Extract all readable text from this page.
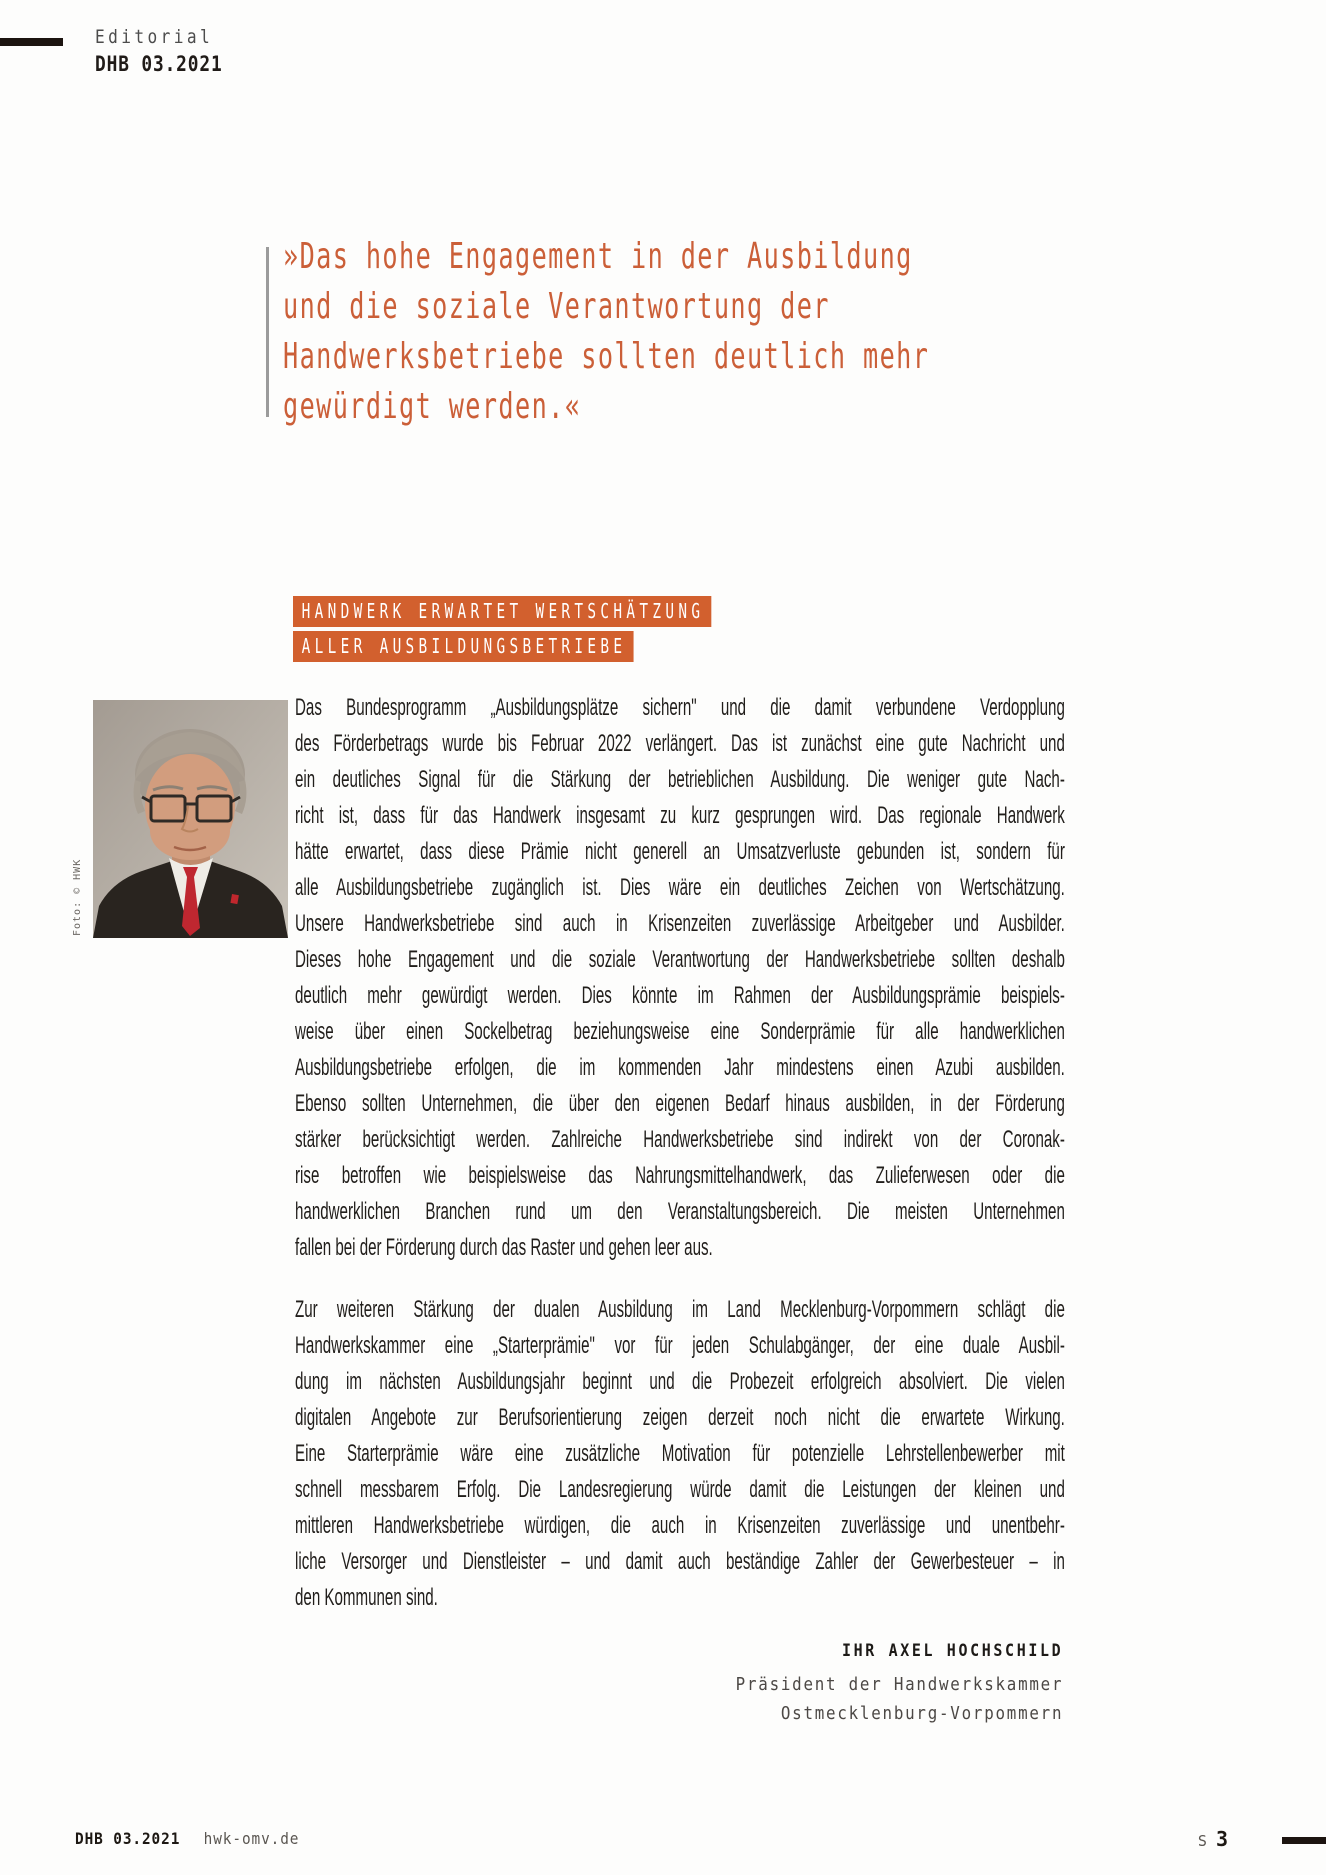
Editorial
DHB 03.2021
»Das hohe Engagement in der Ausbildung
und die soziale Verantwortung der
Handwerksbetriebe sollten deutlich mehr
gewürdigt werden.«
HANDWERK ERWARTET WERTSCHÄTZUNG
ALLER AUSBILDUNGSBETRIEBE
Foto: © HWK
Das Bundesprogramm „Ausbildungsplätze sichern" und die damit verbundene Verdopplung
des Förderbetrags wurde bis Februar 2022 verlängert. Das ist zunächst eine gute Nachricht und
ein deutliches Signal für die Stärkung der betrieblichen Ausbildung. Die weniger gute Nach-
richt ist, dass für das Handwerk insgesamt zu kurz gesprungen wird. Das regionale Handwerk
hätte erwartet, dass diese Prämie nicht generell an Umsatzverluste gebunden ist, sondern für
alle Ausbildungsbetriebe zugänglich ist. Dies wäre ein deutliches Zeichen von Wertschätzung.
Unsere Handwerksbetriebe sind auch in Krisenzeiten zuverlässige Arbeitgeber und Ausbilder.
Dieses hohe Engagement und die soziale Verantwortung der Handwerksbetriebe sollten deshalb
deutlich mehr gewürdigt werden. Dies könnte im Rahmen der Ausbildungsprämie beispiels-
weise über einen Sockelbetrag beziehungsweise eine Sonderprämie für alle handwerklichen
Ausbildungsbetriebe erfolgen, die im kommenden Jahr mindestens einen Azubi ausbilden.
Ebenso sollten Unternehmen, die über den eigenen Bedarf hinaus ausbilden, in der Förderung
stärker berücksichtigt werden. Zahlreiche Handwerksbetriebe sind indirekt von der Coronak-
rise betroffen wie beispielsweise das Nahrungsmittelhandwerk, das Zulieferwesen oder die
handwerklichen Branchen rund um den Veranstaltungsbereich. Die meisten Unternehmen
fallen bei der Förderung durch das Raster und gehen leer aus.
Zur weiteren Stärkung der dualen Ausbildung im Land Mecklenburg-Vorpommern schlägt die
Handwerkskammer eine „Starterprämie" vor für jeden Schulabgänger, der eine duale Ausbil-
dung im nächsten Ausbildungsjahr beginnt und die Probezeit erfolgreich absolviert. Die vielen
digitalen Angebote zur Berufsorientierung zeigen derzeit noch nicht die erwartete Wirkung.
Eine Starterprämie wäre eine zusätzliche Motivation für potenzielle Lehrstellenbewerber mit
schnell messbarem Erfolg. Die Landesregierung würde damit die Leistungen der kleinen und
mittleren Handwerksbetriebe würdigen, die auch in Krisenzeiten zuverlässige und unentbehr-
liche Versorger und Dienstleister – und damit auch beständige Zahler der Gewerbesteuer – in
den Kommunen sind.
IHR AXEL HOCHSCHILD
Präsident der Handwerkskammer
Ostmecklenburg-Vorpommern
DHB 03.2021 hwk-omv.de	S 3
